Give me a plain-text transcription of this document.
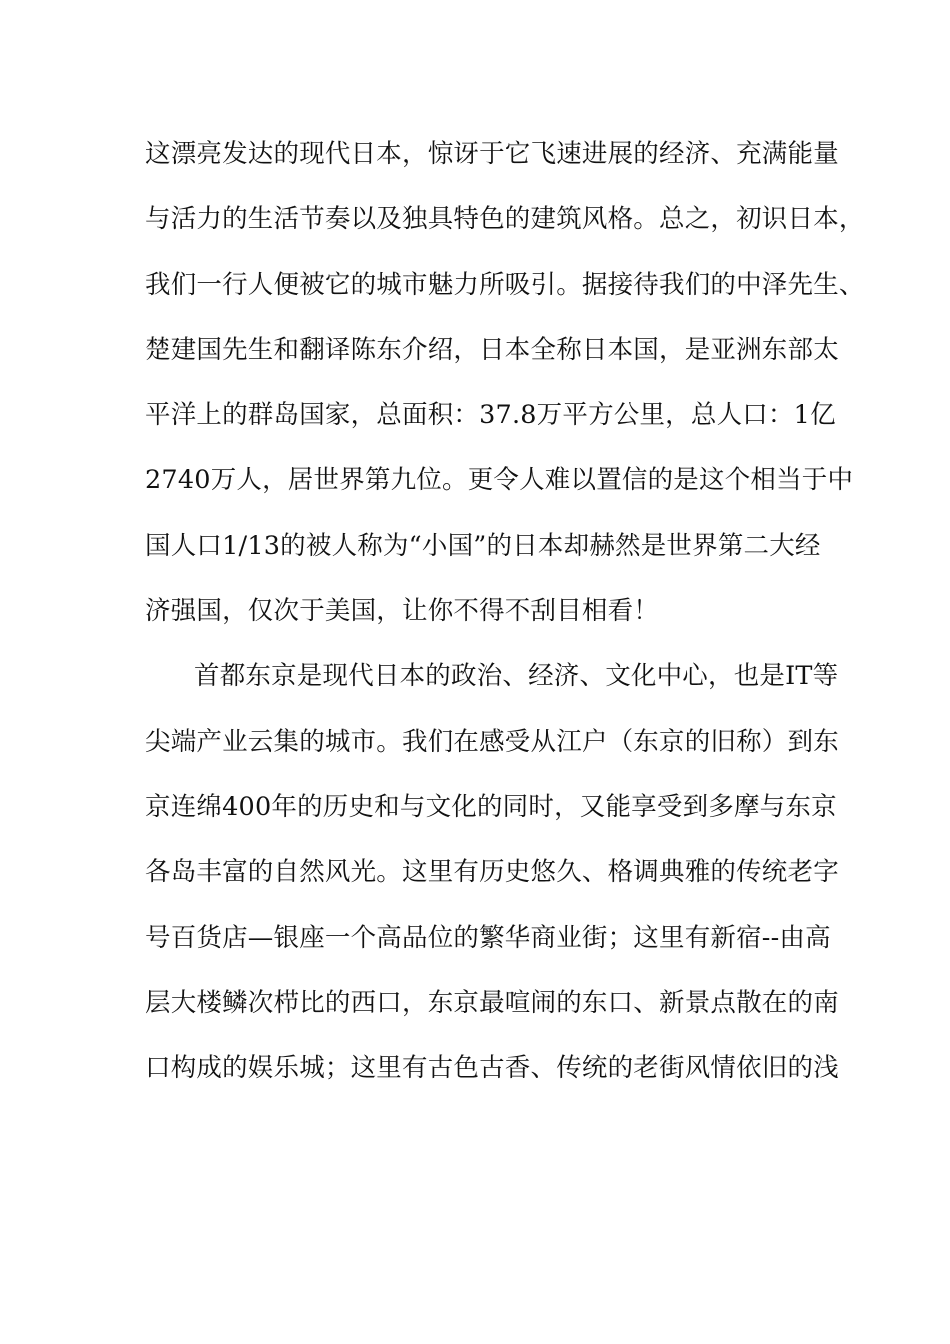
这漂亮发达的现代日本，惊讶于它飞速进展的经济、充满能量
与活力的生活节奏以及独具特色的建筑风格。总之，初识日本，
我们一行人便被它的城市魅力所吸引。据接待我们的中泽先生、
楚建国先生和翻译陈东介绍，日本全称日本国，是亚洲东部太
平洋上的群岛国家，总面积：37.8万平方公里，总人口：1亿
2740万人，居世界第九位。更令人难以置信的是这个相当于中
国人口1/13的被人称为“小国”的日本却赫然是世界第二大经
济强国，仅次于美国，让你不得不刮目相看！
首都东京是现代日本的政治、经济、文化中心，也是IT等
尖端产业云集的城市。我们在感受从江户（东京的旧称）到东
京连绵400年的历史和与文化的同时，又能享受到多摩与东京
各岛丰富的自然风光。这里有历史悠久、格调典雅的传统老字
号百货店—银座一个高品位的繁华商业街；这里有新宿--由高
层大楼鳞次栉比的西口，东京最喧闹的东口、新景点散在的南
口构成的娱乐城；这里有古色古香、传统的老街风情依旧的浅
